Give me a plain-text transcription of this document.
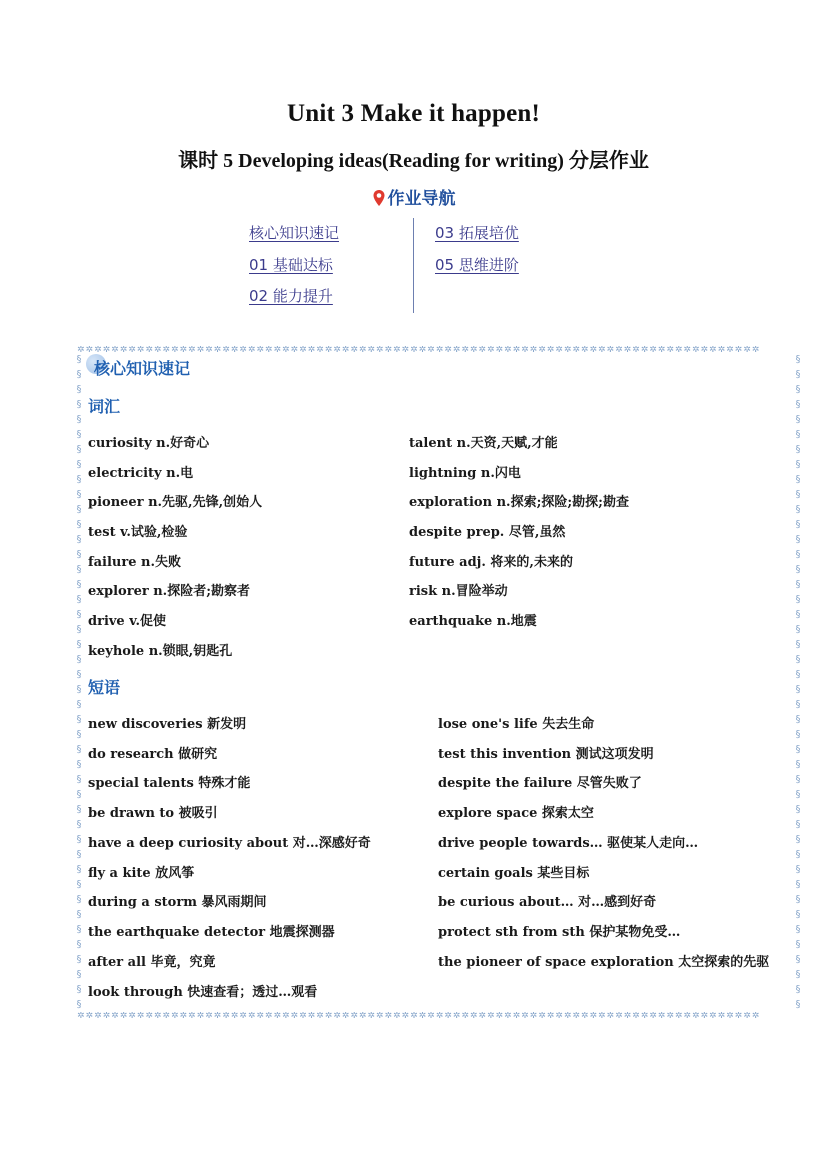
Unit 3 Make it happen!
课时 5 Developing ideas(Reading for writing) 分层作业
作业导航
核心知识速记
01 基础达标
02 能力提升
03 拓展培优
05 思维进阶
✲✲✲✲✲✲✲✲✲✲✲✲✲✲✲✲✲✲✲✲✲✲✲✲✲✲✲✲✲✲✲✲✲✲✲✲✲✲✲✲✲✲✲✲✲✲✲✲✲✲✲✲✲✲✲✲✲✲✲✲✲✲✲✲✲✲✲✲✲✲✲✲✲✲✲✲✲✲✲✲
§
§
§
§
§
§
§
§
§
§
§
§
§
§
§
§
§
§
§
§
§
§
§
§
§
§
§
§
§
§
§
§
§
§
§
§
§
§
§
§
§
§
§
§

§
§
§
§
§
§
§
§
§
§
§
§
§
§
§
§
§
§
§
§
§
§
§
§
§
§
§
§
§
§
§
§
§
§
§
§
§
§
§
§
§
§
§
§

✲✲✲✲✲✲✲✲✲✲✲✲✲✲✲✲✲✲✲✲✲✲✲✲✲✲✲✲✲✲✲✲✲✲✲✲✲✲✲✲✲✲✲✲✲✲✲✲✲✲✲✲✲✲✲✲✲✲✲✲✲✲✲✲✲✲✲✲✲✲✲✲✲✲✲✲✲✲✲✲
核心知识速记
词汇
curiosity n.好奇心
electricity n.电
pioneer n.先驱,先锋,创始人
test v.试验,检验
failure n.失败
explorer n.探险者;勘察者
drive v.促使
keyhole n.锁眼,钥匙孔
talent n.天资,天赋,才能
lightning n.闪电
exploration n.探索;探险;勘探;勘查
despite prep. 尽管,虽然
future adj. 将来的,未来的
risk n.冒险举动
earthquake n.地震
短语
new discoveries 新发明
do research 做研究
special talents 特殊才能
be drawn to 被吸引
have a deep curiosity about 对…深感好奇
fly a kite 放风筝
during a storm 暴风雨期间
the earthquake detector 地震探测器
after all 毕竟，究竟
look through 快速查看；透过…观看
lose one's life 失去生命
test this invention 测试这项发明
despite the failure 尽管失败了
explore space 探索太空
drive people towards… 驱使某人走向…
certain goals 某些目标
be curious about… 对…感到好奇
protect sth from sth 保护某物免受…
the pioneer of space exploration 太空探索的先驱
